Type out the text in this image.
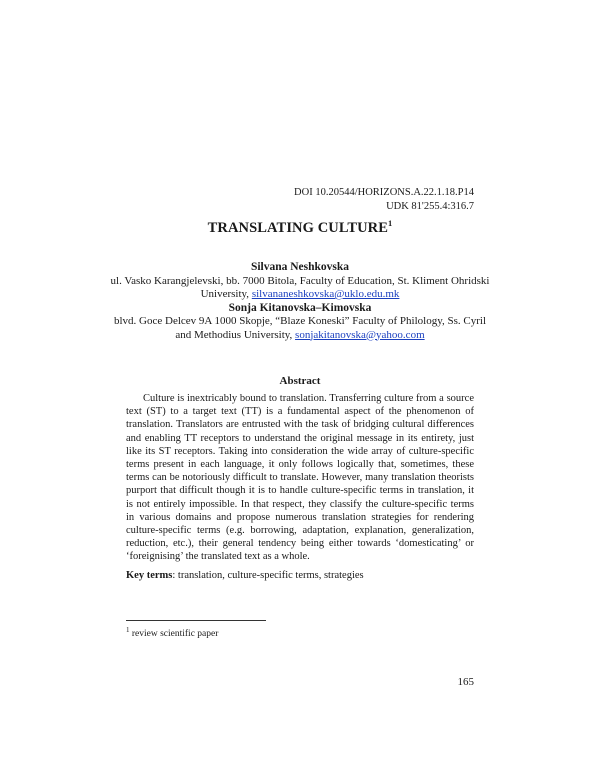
DOI 10.20544/HORIZONS.A.22.1.18.P14
UDK 81'255.4:316.7
TRANSLATING CULTURE$^1$
Silvana Neshkovska
ul. Vasko Karangjelevski, bb. 7000 Bitola, Faculty of Education, St. Kliment Ohridski University, silvananeshkovska@uklo.edu.mk
Sonja Kitanovska–Kimovska
blvd. Goce Delcev 9A 1000 Skopje, “Blaze Koneski” Faculty of Philology, Ss. Cyril and Methodius University, sonjakitanovska@yahoo.com
Abstract

Culture is inextricably bound to translation. Transferring culture from a source text (ST) to a target text (TT) is a fundamental aspect of the phenomenon of translation. Translators are entrusted with the task of bridging cultural differences and enabling TT receptors to understand the original message in its entirety, just like its ST receptors. Taking into consideration the wide array of culture-specific terms present in each language, it only follows logically that, sometimes, these terms can be notoriously difficult to translate. However, many translation theorists purport that difficult though it is to handle culture-specific terms in translation, it is not entirely impossible. In that respect, they classify the culture-specific terms in various domains and propose numerous translation strategies for rendering culture-specific terms (e.g. borrowing, adaptation, explanation, generalization, reduction, etc.), their general tendency being either towards ‘domesticating’ or ‘foreignising’ the translated text as a whole.

Key terms: translation, culture-specific terms, strategies
$^1$ review scientific paper
165
